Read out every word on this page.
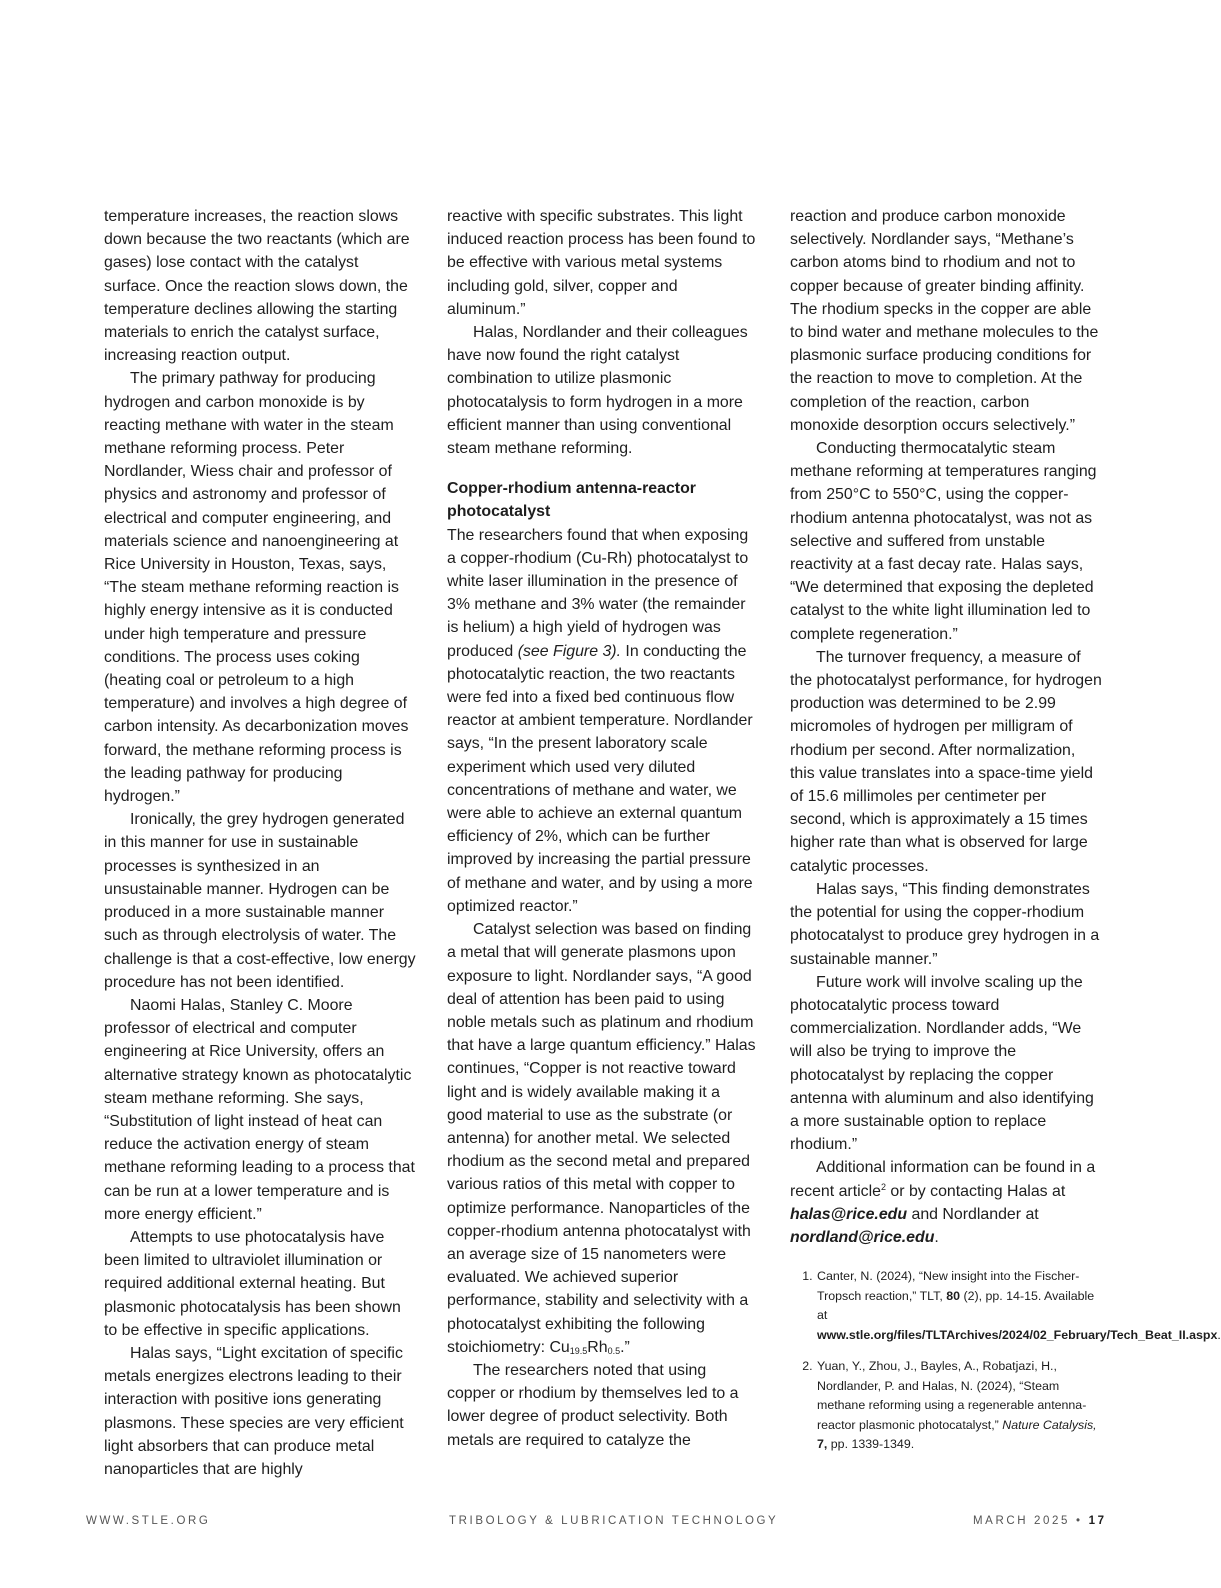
temperature increases, the reaction slows down because the two reactants (which are gases) lose contact with the catalyst surface. Once the reaction slows down, the temperature declines allowing the starting materials to enrich the catalyst surface, increasing reaction output.

The primary pathway for producing hydrogen and carbon monoxide is by reacting methane with water in the steam methane reforming process. Peter Nordlander, Wiess chair and professor of physics and astronomy and professor of electrical and computer engineering, and materials science and nanoengineering at Rice University in Houston, Texas, says, “The steam methane reforming reaction is highly energy intensive as it is conducted under high temperature and pressure conditions. The process uses coking (heating coal or petroleum to a high temperature) and involves a high degree of carbon intensity. As decarbonization moves forward, the methane reforming process is the leading pathway for producing hydrogen.”

Ironically, the grey hydrogen generated in this manner for use in sustainable processes is synthesized in an unsustainable manner. Hydrogen can be produced in a more sustainable manner such as through electrolysis of water. The challenge is that a cost-effective, low energy procedure has not been identified.

Naomi Halas, Stanley C. Moore professor of electrical and computer engineering at Rice University, offers an alternative strategy known as photocatalytic steam methane reforming. She says, “Substitution of light instead of heat can reduce the activation energy of steam methane reforming leading to a process that can be run at a lower temperature and is more energy efficient.”

Attempts to use photocatalysis have been limited to ultraviolet illumination or required additional external heating. But plasmonic photocatalysis has been shown to be effective in specific applications.

Halas says, “Light excitation of specific metals energizes electrons leading to their interaction with positive ions generating plasmons. These species are very efficient light absorbers that can produce metal nanoparticles that are highly

reactive with specific substrates. This light induced reaction process has been found to be effective with various metal systems including gold, silver, copper and aluminum.”

Halas, Nordlander and their colleagues have now found the right catalyst combination to utilize plasmonic photocatalysis to form hydrogen in a more efficient manner than using conventional steam methane reforming.

Copper-rhodium antenna-reactor photocatalyst

The researchers found that when exposing a copper-rhodium (Cu-Rh) photocatalyst to white laser illumination in the presence of 3% methane and 3% water (the remainder is helium) a high yield of hydrogen was produced (see Figure 3). In conducting the photocatalytic reaction, the two reactants were fed into a fixed bed continuous flow reactor at ambient temperature. Nordlander says, “In the present laboratory scale experiment which used very diluted concentrations of methane and water, we were able to achieve an external quantum efficiency of 2%, which can be further improved by increasing the partial pressure of methane and water, and by using a more optimized reactor.”

Catalyst selection was based on finding a metal that will generate plasmons upon exposure to light. Nordlander says, “A good deal of attention has been paid to using noble metals such as platinum and rhodium that have a large quantum efficiency.” Halas continues, “Copper is not reactive toward light and is widely available making it a good material to use as the substrate (or antenna) for another metal. We selected rhodium as the second metal and prepared various ratios of this metal with copper to optimize performance. Nanoparticles of the copper-rhodium antenna photocatalyst with an average size of 15 nanometers were evaluated. We achieved superior performance, stability and selectivity with a photocatalyst exhibiting the following stoichiometry: $Cu_{19.5}Rh_{0.5}$.”

The researchers noted that using copper or rhodium by themselves led to a lower degree of product selectivity. Both metals are required to catalyze the

reaction and produce carbon monoxide selectively. Nordlander says, “Methane’s carbon atoms bind to rhodium and not to copper because of greater binding affinity. The rhodium specks in the copper are able to bind water and methane molecules to the plasmonic surface producing conditions for the reaction to move to completion. At the completion of the reaction, carbon monoxide desorption occurs selectively.”

Conducting thermocatalytic steam methane reforming at temperatures ranging from 250°C to 550°C, using the copper-rhodium antenna photocatalyst, was not as selective and suffered from unstable reactivity at a fast decay rate. Halas says, “We determined that exposing the depleted catalyst to the white light illumination led to complete regeneration.”

The turnover frequency, a measure of the photocatalyst performance, for hydrogen production was determined to be 2.99 micromoles of hydrogen per milligram of rhodium per second. After normalization, this value translates into a space-time yield of 15.6 millimoles per centimeter per second, which is approximately a 15 times higher rate than what is observed for large catalytic processes.

Halas says, “This finding demonstrates the potential for using the copper-rhodium photocatalyst to produce grey hydrogen in a sustainable manner.”

Future work will involve scaling up the photocatalytic process toward commercialization. Nordlander adds, “We will also be trying to improve the photocatalyst by replacing the copper antenna with aluminum and also identifying a more sustainable option to replace rhodium.”

Additional information can be found in a recent article$^2$ or by contacting Halas at halas@rice.edu and Nordlander at nordland@rice.edu.

1. Canter, N. (2024), “New insight into the Fischer-Tropsch reaction,” TLT, 80 (2), pp. 14-15. Available at www.stle.org/files/TLTArchives/2024/02_February/Tech_Beat_II.aspx.
2. Yuan, Y., Zhou, J., Bayles, A., Robatjazi, H., Nordlander, P. and Halas, N. (2024), “Steam methane reforming using a regenerable antenna-reactor plasmonic photocatalyst,” Nature Catalysis, 7, pp. 1339-1349.
WWW.STLE.ORG	TRIBOLOGY & LUBRICATION TECHNOLOGY	MARCH 2025 • 17
